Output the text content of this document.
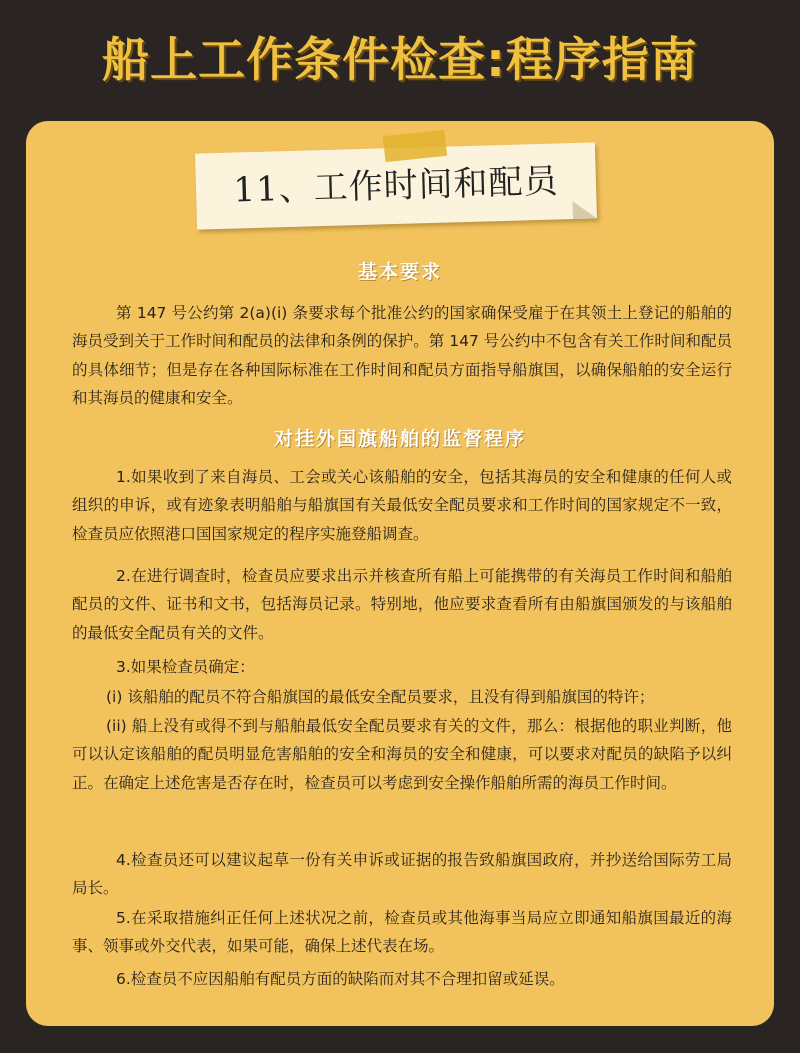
船上工作条件检查:程序指南
11、工作时间和配员
基本要求
第 147 号公约第 2(a)(i) 条要求每个批准公约的国家确保受雇于在其领土上登记的船舶的海员受到关于工作时间和配员的法律和条例的保护。第 147 号公约中不包含有关工作时间和配员的具体细节；但是存在各种国际标准在工作时间和配员方面指导船旗国，以确保船舶的安全运行和其海员的健康和安全。
对挂外国旗船舶的监督程序
1.如果收到了来自海员、工会或关心该船舶的安全，包括其海员的安全和健康的任何人或组织的申诉，或有迹象表明船舶与船旗国有关最低安全配员要求和工作时间的国家规定不一致，检查员应依照港口国国家规定的程序实施登船调查。
2.在进行调查时，检查员应要求出示并核查所有船上可能携带的有关海员工作时间和船舶配员的文件、证书和文书，包括海员记录。特别地，他应要求查看所有由船旗国颁发的与该船舶的最低安全配员有关的文件。
3.如果检查员确定：
(i) 该船舶的配员不符合船旗国的最低安全配员要求，且没有得到船旗国的特许；
(ii) 船上没有或得不到与船舶最低安全配员要求有关的文件，那么：根据他的职业判断，他可以认定该船舶的配员明显危害船舶的安全和海员的安全和健康，可以要求对配员的缺陷予以纠正。在确定上述危害是否存在时，检查员可以考虑到安全操作船舶所需的海员工作时间。
4.检查员还可以建议起草一份有关申诉或证据的报告致船旗国政府，并抄送给国际劳工局局长。
5.在采取措施纠正任何上述状况之前，检查员或其他海事当局应立即通知船旗国最近的海事、领事或外交代表，如果可能，确保上述代表在场。
6.检查员不应因船舶有配员方面的缺陷而对其不合理扣留或延误。
